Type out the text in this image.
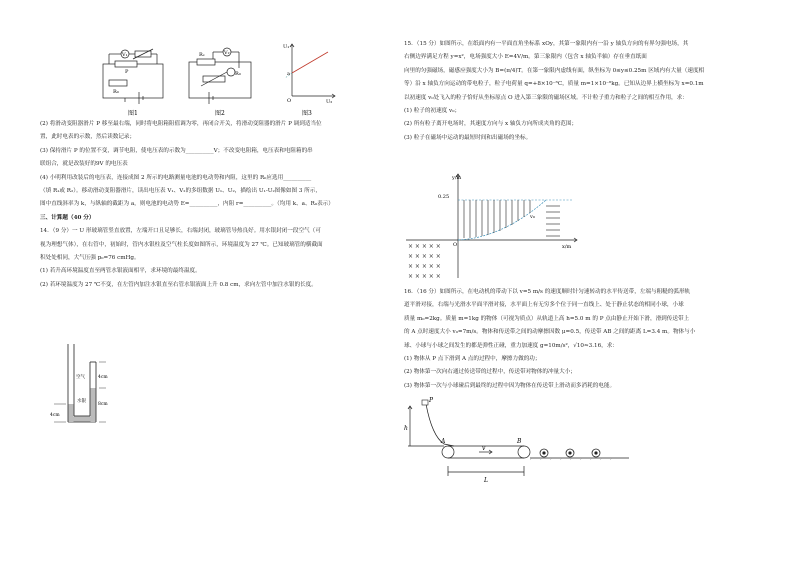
V₁
P
R₀
图1
Rₓ	V₂
R₀
图2
U₁
a
O	U₂
图3

(2) 将滑动变阻器滑片 P 移至最右端，同时将电阻箱阻值调为零，再闭合开关，将滑动变阻器的滑片 P 调到适当位

置，此时电表的示数，然后读数记录；

(3) 保持滑片 P 的位置不变，调节电阻，使电压表的示数为__________V；不改变电阻箱，电压表和电阻箱的串

联组合，就是改装好的9V 的电压表

(4) 小明利用改装后的电压表，连接成图 2 所示的电路测量电池的电动势和内阻，这里的 R₀应选用__________

（填 R₁或 R₂）。移动滑动变阻器滑片，读出电压表 V₁、V₂的多组数据 U₁、U₂，描绘出 U₁-U₂图像如图 3 所示，

图中直线斜率为 k，与纵轴的截距为 a，则电池的电动势 E=__________，内阻 r=__________。（均用 k、a、R₀表示）

三、计算题（40 分）

14．（9 分）一 U 形玻璃管竖直放置，左端开口且足够长，右端封闭，玻璃管导热良好。用水银封闭一段空气（可

视为理想气体），在右管中，初始时，管内水银柱及空气柱长度如图所示，环境温度为 27 ℃。已知玻璃管的横截面

积处处相同，大气压强 p₀=76 cmHg。

(1) 若升高环境温度直至两管水银液面相平，求环境的最终温度。

(2) 若环境温度为 27 ℃不变，在左管内加注水银直至右管水银液面上升 0.8 cm，求向左管中加注水银的长度。

空气	4cm
水银
8cm
4cm

15．（15 分）如图所示，在纸面内有一平面直角坐标系 xOy，其第一象限内有一沿 y 轴负方向的有界匀强电场，其

右侧边界满足方程 y=x²，电场强度大小 E=4V/m。第三象限内（包含 x 轴负半轴）存在垂直纸面

向里的匀强磁场，磁感应强度大小为 B=(π/4)T。在第一象限内虚线有面，纵坐标为 0≤y≤0.25m 区域内有大量（速度相

等）沿 x 轴负方向运动的带电粒子，粒子电荷量 q=+8×10⁻⁶C，质量 m=1×10⁻⁶kg。已知从边界上横坐标为 x=0.1m

以初速度 v₀处飞入的粒子恰好从坐标原点 O 进入第三象限的磁场区域。不计粒子重力和粒子之间的相互作用，求：

(1) 粒子的初速度 v₀；

(2) 所有粒子离开电场时，其速度方向与 x 轴负方向所成夹角的范围；

(3) 粒子在磁场中运动的最短时间和出磁场的坐标。

× × × × ×
× × × × ×
× × × × ×
× × × × ×
y/m
x/m
0.25
O
v₀

16．（16 分）如图所示，在电动机的带动下以 v=5 m/s 的速度顺时针匀速转动的水平传送带，左端与粗糙的弧形轨

道平滑对接，右端与光滑水平面平滑对接，水平面上有无穷多个位于同一直线上、处于静止状态的相同小球，小球

质量 m₀=2kg。质量 m=1kg 的物体（可视为质点）从轨道上高 h=5.0 m 的 P 点由静止开始下滑，滑到传送带上

的 A 点时速度大小 v₀=7m/s。物体和传送带之间的动摩擦因数 μ=0.5，传送带 AB 之间的距离 L=3.4 m。物体与小

球、小球与小球之间发生的都是弹性正碰，重力加速度 g=10m/s²，√10≈3.16，求：

(1) 物体从 P 点下滑到 A 点的过程中，摩擦力做的功；

(2) 物体第一次向右通过传送带的过程中，传送带对物体的冲量大小；

(3) 物体第一次与小球碰后到最终的过程中因为物体在传送带上滑动而多消耗的电能。

P
h
A	B
v
L
